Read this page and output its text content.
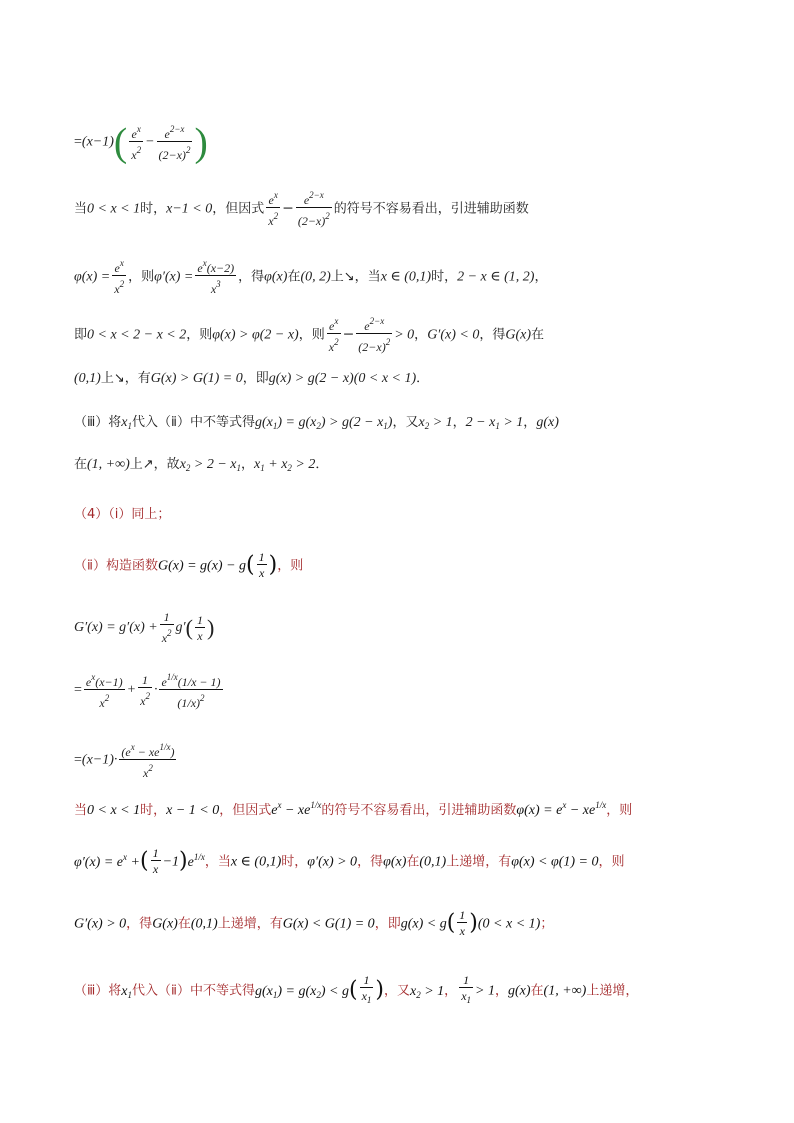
$=(x-1)( \frac{e^x}{x^2} - \frac{e^{2-x}}{(2-x)^2}$ )
当0 < x < 1时，x−1 < 0，但因式 $\frac{e^x}{x^2} - \frac{e^{2-x}}{(2-x)^2}$ 的符号不容易看出，引进辅助函数
$\varphi(x) = \frac{e^x}{x^2}$ ，则$\varphi'(x) = \frac{e^x(x-2)}{x^3}$ ，得φ(x)在(0, 2)上↘，当x ∈ (0,1)时，2 − x ∈ (1, 2)，
即0 < x < 2 − x < 2，则φ(x) > φ(2 − x)，则 $\frac{e^x}{x^2} - \frac{e^{2-x}}{(2-x)^2} > 0$，G′(x) < 0，得G(x)在
(0,1)上↘，有G(x) > G(1) = 0，即g(x) > g(2 − x)(0 < x < 1)．
（ⅲ）将$x_1$代入（ⅱ）中不等式得$g(x_1) = g(x_2) > g(2 - x_1)$，又$x_2 > 1$，$2 - x_1 > 1$，g(x)
在(1, +∞)上↗，故$x_2 > 2 - x_1$，$x_1 + x_2 > 2$．
（4）（i）同上；
（ⅱ）构造函数$G(x) = g(x) - g( \frac{1}{x}$ )，则
$G'(x) = g'(x) + \frac{1}{x^2} g'( \frac{1}{x}$ )
= $\frac{e^x(x-1)}{x^2} + \frac{1}{x^2} \cdot \frac{e^{1/x}(1/x - 1)}{(1/x)^2}$
$=(x-1)\cdot \frac{(e^x - xe^{1/x})}{x^2}$
当0 < x < 1时，x − 1 < 0，但因式$e^x - xe^{1/x}$的符号不容易看出，引进辅助函数$\varphi(x) = e^x - xe^{1/x}$，则
$\varphi'(x) = e^x$ +( $\frac{1}{x} -1)e^{1/x}$，当x ∈ (0,1)时，φ′(x) > 0，得φ(x)在(0,1)上递增，有φ(x) < φ(1) = 0，则
G′(x) > 0，得G(x)在(0,1)上递增，有G(x) < G(1) = 0，即$g(x) < g( \frac{1}{x} )(0 < x < 1)$；
（ⅲ）将$x_1$代入（ⅱ）中不等式得$g(x_1) = g(x_2) < g( \frac{1}{x_1}$ )，又$x_2 > 1$， $\frac{1}{x_1} > 1$，g(x)在(1, +∞)上递增，
